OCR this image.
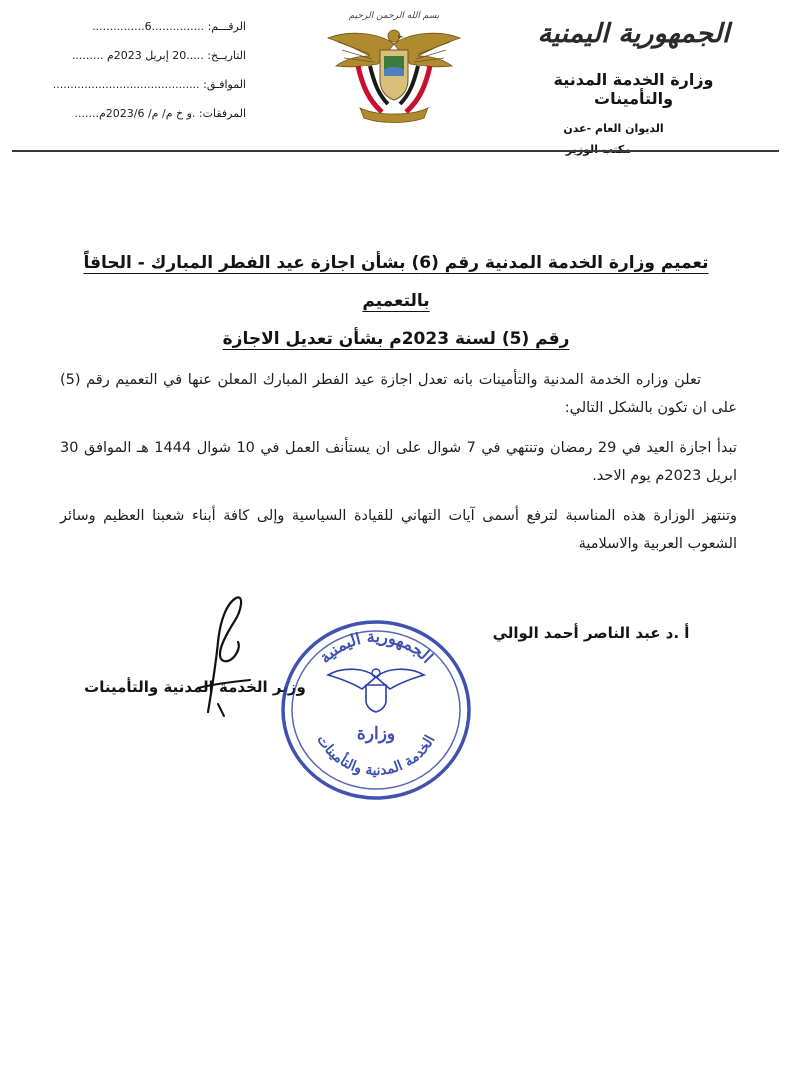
الجمهورية اليمنية
وزارة الخدمة المدنية والتأمينات
الديوان العام -عدن
بسم الله الرحمن الرحيم
الرقـــم: ...............6...............
التاريــخ: .....20 إبريل 2023م .........
الموافـق: ..........................................
المرفقات: .و خ م/ م/ 2023/6م.......
تعميم وزارة الخدمة المدنية رقم (6) بشأن اجازة عيد الفطر المبارك - الحاقاً بالتعميم
رقم (5) لسنة 2023م بشأن تعديل الاجازة

تعلن وزاره الخدمة المدنية والتأمينات بانه تعدل اجازة عيد الفطر المبارك المعلن عنها في التعميم رقم (5) على ان تكون بالشكل التالي:

تبدأ اجازة العيد في 29 رمضان وتنتهي في 7 شوال على ان يستأنف العمل في 10 شوال 1444 هـ الموافق 30 ابريل 2023م يوم الاحد.

وتنتهز الوزارة هذه المناسبة لترفع أسمى آيات التهاني للقيادة السياسية وإلى كافة أبناء شعبنا العظيم وسائر الشعوب العربية والاسلامية

أ .د عبد الناصر أحمد الوالي
وزير الخدمة المدنية والتأمينات
الجمهورية اليمنية
وزارة
الخدمة المدنية والتأمينات
